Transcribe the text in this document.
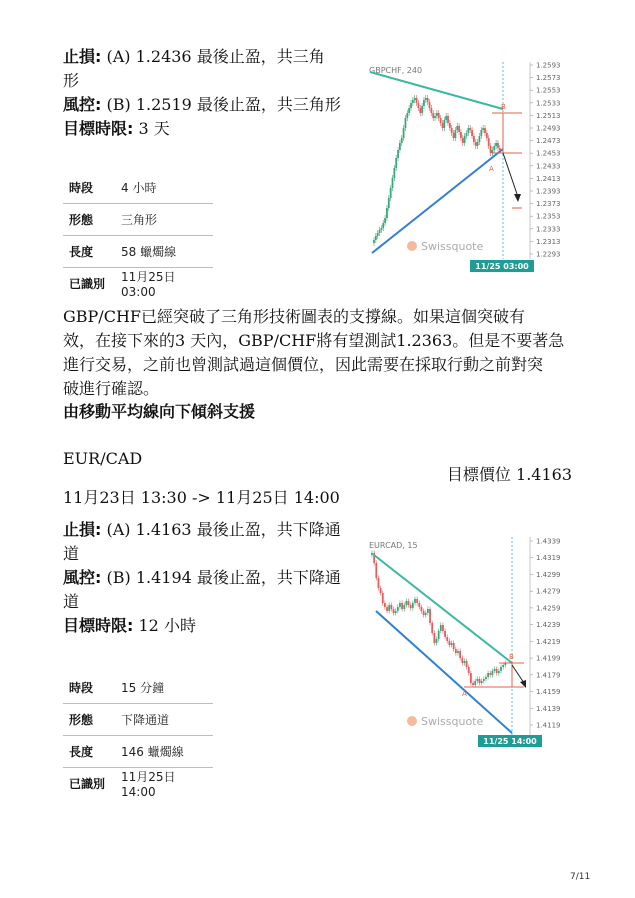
止損: (A) 1.2436 最後止盈，共三角
形
風控: (B) 1.2519 最後止盈，共三角形
目標時限: 3 天
時段	4 小時
形態	三角形
長度	58 蠟燭線
已識別	11月25日 03:00
GBPCHF, 240
1.2593
1.2573
1.2553
1.2533
1.2513
1.2493
1.2473
1.2453
1.2433
1.2413
1.2393
1.2373
1.2353
1.2333
1.2313
1.2293
B
A
Swissquote
11/25 03:00
GBP/CHF已經突破了三角形技術圖表的支撐線。如果這個突破有
效，在接下來的3 天內，GBP/CHF將有望測試1.2363。但是不要著急
進行交易，之前也曾測試過這個價位，因此需要在採取行動之前對突
破進行確認。
由移動平均線向下傾斜支援
EUR/CAD
目標價位 1.4163
11月23日 13:30 -> 11月25日 14:00
止損: (A) 1.4163 最後止盈，共下降通
道
風控: (B) 1.4194 最後止盈，共下降通
道
目標時限: 12 小時
時段	15 分鐘
形態	下降通道
長度	146 蠟燭線
已識別	11月25日 14:00
EURCAD, 15	1.4339
1.4319
1.4299
1.4279
1.4259
1.4239
1.4219
1.4199
1.4179
1.4159
1.4139
1.4119
B
A
Swissquote
11/25 14:00
7/11
